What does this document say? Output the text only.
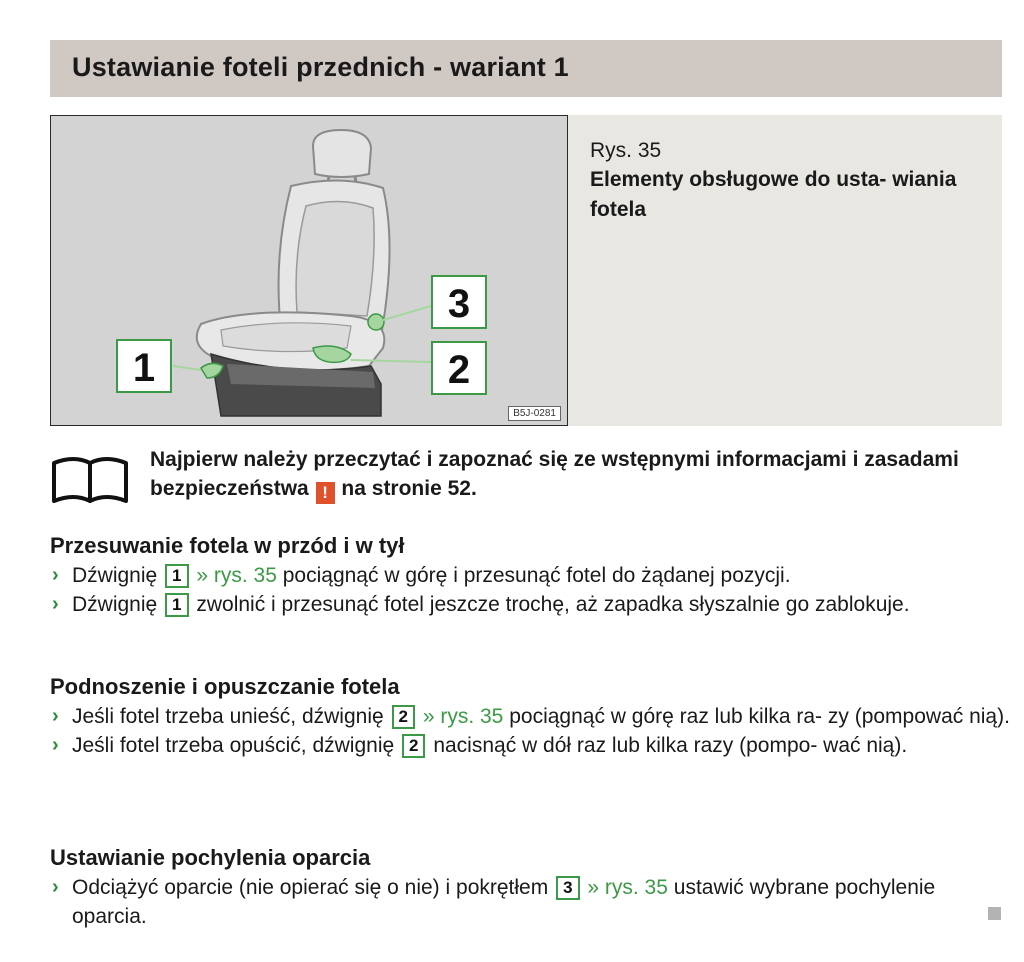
Ustawianie foteli przednich - wariant 1
1	2
3
B5J-0281
Rys. 35
Elementy obsługowe do usta- wiania fotela
Najpierw należy przeczytać i zapoznać się ze wstępnymi informacjami i zasadami bezpieczeństwa ! na stronie 52.
Przesuwanie fotela w przód i w tył
› Dźwignię 1 » rys. 35 pociągnąć w górę i przesunąć fotel do żądanej pozycji.
› Dźwignię 1 zwolnić i przesunąć fotel jeszcze trochę, aż zapadka słyszalnie go zablokuje.
Podnoszenie i opuszczanie fotela
› Jeśli fotel trzeba unieść, dźwignię 2 » rys. 35 pociągnąć w górę raz lub kilka ra- zy (pompować nią).
› Jeśli fotel trzeba opuścić, dźwignię 2 nacisnąć w dół raz lub kilka razy (pompo- wać nią).
Ustawianie pochylenia oparcia
› Odciążyć oparcie (nie opierać się o nie) i pokrętłem 3 » rys. 35 ustawić wybrane pochylenie oparcia.
